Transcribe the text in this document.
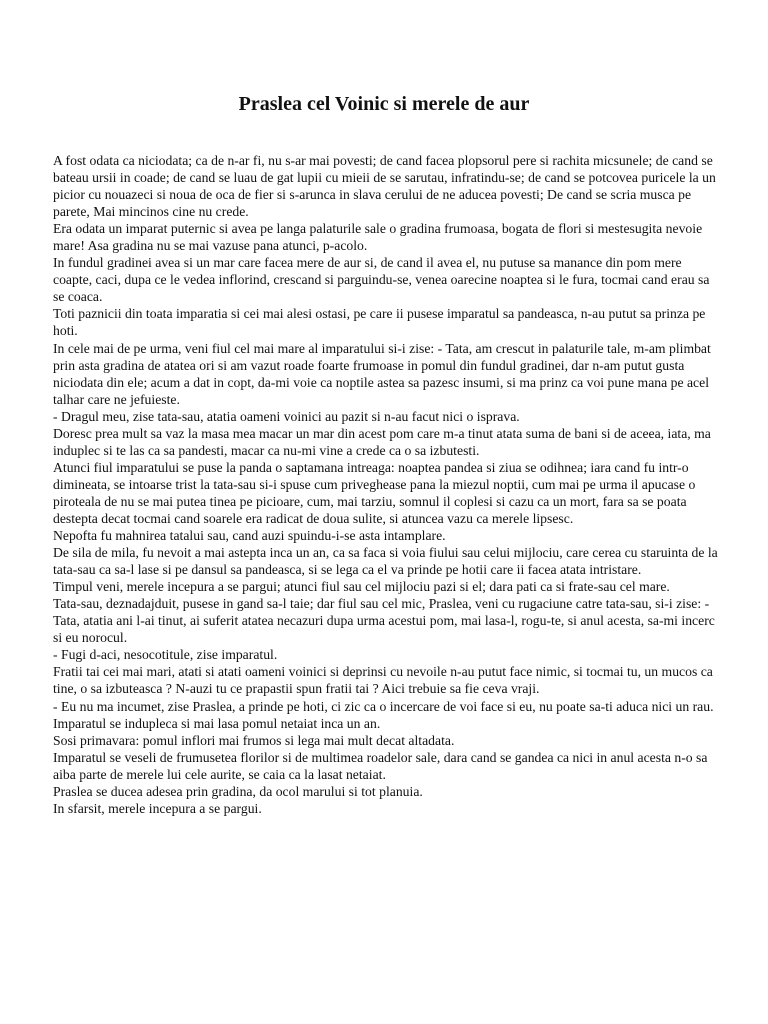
Praslea cel Voinic si merele de aur

A fost odata ca niciodata; ca de n-ar fi, nu s-ar mai povesti; de cand facea plopsorul pere si rachita micsunele; de cand se bateau ursii in coade; de cand se luau de gat lupii cu mieii de se sarutau, infratindu-se; de cand se potcovea puricele la un picior cu nouazeci si noua de oca de fier si s-arunca in slava cerului de ne aducea povesti; De cand se scria musca pe parete, Mai mincinos cine nu crede.

Era odata un imparat puternic si avea pe langa palaturile sale o gradina frumoasa, bogata de flori si mestesugita nevoie mare! Asa gradina nu se mai vazuse pana atunci, p-acolo.

In fundul gradinei avea si un mar care facea mere de aur si, de cand il avea el, nu putuse sa manance din pom mere coapte, caci, dupa ce le vedea inflorind, crescand si parguindu-se, venea oarecine noaptea si le fura, tocmai cand erau sa se coaca.

Toti paznicii din toata imparatia si cei mai alesi ostasi, pe care ii pusese imparatul sa pandeasca, n-au putut sa prinza pe hoti.

In cele mai de pe urma, veni fiul cel mai mare al imparatului si-i zise: - Tata, am crescut in palaturile tale, m-am plimbat prin asta gradina de atatea ori si am vazut roade foarte frumoase in pomul din fundul gradinei, dar n-am putut gusta niciodata din ele; acum a dat in copt, da-mi voie ca noptile astea sa pazesc insumi, si ma prinz ca voi pune mana pe acel talhar care ne jefuieste.

- Dragul meu, zise tata-sau, atatia oameni voinici au pazit si n-au facut nici o isprava.

Doresc prea mult sa vaz la masa mea macar un mar din acest pom care m-a tinut atata suma de bani si de aceea, iata, ma induplec si te las ca sa pandesti, macar ca nu-mi vine a crede ca o sa izbutesti.

Atunci fiul imparatului se puse la panda o saptamana intreaga: noaptea pandea si ziua se odihnea; iara cand fu intr-o dimineata, se intoarse trist la tata-sau si-i spuse cum priveghease pana la miezul noptii, cum mai pe urma il apucase o piroteala de nu se mai putea tinea pe picioare, cum, mai tarziu, somnul il coplesi si cazu ca un mort, fara sa se poata destepta decat tocmai cand soarele era radicat de doua sulite, si atuncea vazu ca merele lipsesc.

Nepofta fu mahnirea tatalui sau, cand auzi spuindu-i-se asta intamplare.

De sila de mila, fu nevoit a mai astepta inca un an, ca sa faca si voia fiului sau celui mijlociu, care cerea cu staruinta de la tata-sau ca sa-l lase si pe dansul sa pandeasca, si se lega ca el va prinde pe hotii care ii facea atata intristare.

Timpul veni, merele incepura a se pargui; atunci fiul sau cel mijlociu pazi si el; dara pati ca si frate-sau cel mare.

Tata-sau, deznadajduit, pusese in gand sa-l taie; dar fiul sau cel mic, Praslea, veni cu rugaciune catre tata-sau, si-i zise: - Tata, atatia ani l-ai tinut, ai suferit atatea necazuri dupa urma acestui pom, mai lasa-l, rogu-te, si anul acesta, sa-mi incerc si eu norocul.

- Fugi d-aci, nesocotitule, zise imparatul.

Fratii tai cei mai mari, atati si atati oameni voinici si deprinsi cu nevoile n-au putut face nimic, si tocmai tu, un mucos ca tine, o sa izbuteasca ? N-auzi tu ce prapastii spun fratii tai ? Aici trebuie sa fie ceva vraji.

- Eu nu ma incumet, zise Praslea, a prinde pe hoti, ci zic ca o incercare de voi face si eu, nu poate sa-ti aduca nici un rau.

Imparatul se induplecа si mai lasa pomul netaiat inca un an.

Sosi primavara: pomul inflori mai frumos si lega mai mult decat altadata.

Imparatul se veseli de frumusetea florilor si de multimea roadelor sale, dara cand se gandea ca nici in anul acesta n-o sa aiba parte de merele lui cele aurite, se caia ca la lasat netaiat.

Praslea se ducea adesea prin gradina, da ocol marului si tot planuia.

In sfarsit, merele incepura a se pargui.
